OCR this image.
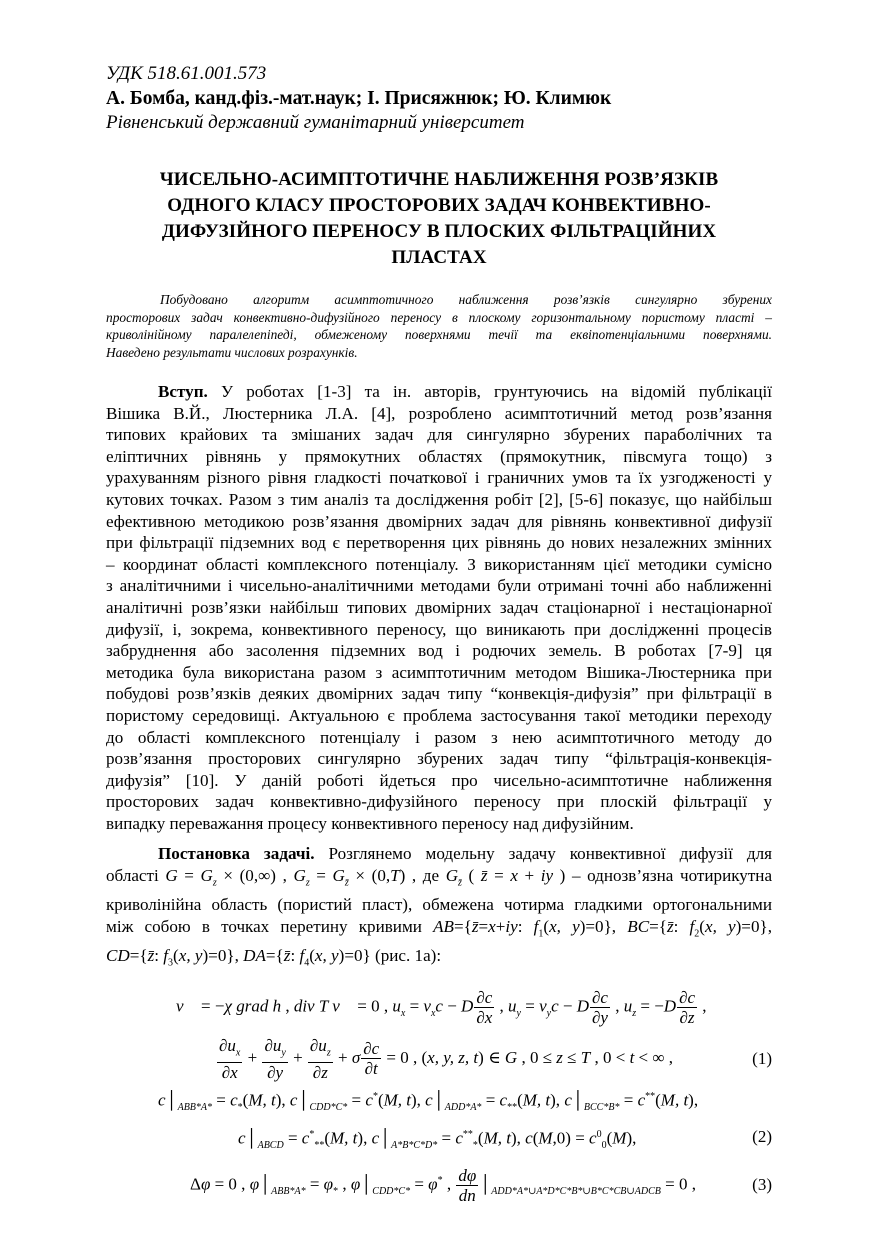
УДК 518.61.001.573

А. Бомба, канд.фіз.-мат.наук; І. Присяжнюк; Ю. Климюк

Рівненський державний гуманітарний університет

ЧИСЕЛЬНО-АСИМПТОТИЧНЕ НАБЛИЖЕННЯ РОЗВ’ЯЗКІВ
ОДНОГО КЛАСУ ПРОСТОРОВИХ ЗАДАЧ КОНВЕКТИВНО-
ДИФУЗІЙНОГО ПЕРЕНОСУ В ПЛОСКИХ ФІЛЬТРАЦІЙНИХ
ПЛАСТАХ
Побудовано алгоритм асимптотичного наближення розв’язків сингулярно збурених
просторових задач конвективно-дифузійного переносу в плоскому горизонтальному пористому пласті –
криволінійному паралелепіпеді, обмеженому поверхнями течії та еквіпотенціальними поверхнями.
Наведено результати числових розрахунків.
Вступ. У роботах [1-3] та ін. авторів, грунтуючись на відомій публікації
Вішика В.Й., Люстерника Л.А. [4], розроблено асимптотичний метод розв’язання
типових крайових та змішаних задач для сингулярно збурених параболічних та
еліптичних рівнянь у прямокутних областях (прямокутник, півсмуга тощо) з
урахуванням різного рівня гладкості початкової і граничних умов та їх узгодженості у
кутових точках. Разом з тим аналіз та дослідження робіт [2], [5-6] показує, що найбільш
ефективною методикою розв’язання двомірних задач для рівнянь конвективної дифузії
при фільтрації підземних вод є перетворення цих рівнянь до нових незалежних змінних
– координат області комплексного потенціалу. З використанням цієї методики сумісно
з аналітичними і чисельно-аналітичними методами були отримані точні або наближенні
аналітичні розв’язки найбільш типових двомірних задач стаціонарної і нестаціонарної
дифузії, і, зокрема, конвективного переносу, що виникають при дослідженні процесів
забруднення або засолення підземних вод і родючих земель. В роботах [7-9] ця
методика була використана разом з асимптотичним методом Вішика-Люстерника при
побудові розв’язків деяких двомірних задач типу “конвекція-дифузія” при фільтрації в
пористому середовищі. Актуальною є проблема застосування такої методики переходу
до області комплексного потенціалу і разом з нею асимптотичного методу до
розв’язання просторових сингулярно збурених задач типу “фільтрація-конвекція-
дифузія” [10]. У даній роботі йдеться про чисельно-асимптотичне наближення
просторових задач конвективно-дифузійного переносу при плоскій фільтрації у
випадку переважання процесу конвективного переносу над дифузійним.
Постановка задачі. Розглянемо модельну задачу конвективної дифузії для
області $G = G_z \times (0,\infty)$ , $G_z = G_{z̄} \times (0,T)$ , де $G_{z̄}$ ( z̄ = x + iy ) – однозв’язна чотирикутна
криволінійна область (пористий пласт), обмежена чотирма гладкими ортогональними
між собою в точках перетину кривими AB={z̄=x+iy: $f_1(x$, y)=0}, BC={z̄: $f_2(x$, y)=0},
CD={z̄: $f_3(x$, y)=0}, DA={z̄: $f_4(x$, y)=0} (рис. 1а):
v⃗ = −χ grad h , div T v⃗ = 0 , $u_x = v_xc - D \frac{\partial c}{\partial x}$ , $u_y = v_yc - D \frac{\partial c}{\partial y}$ , $u_z = -D \frac{\partial c}{\partial z}$ ,
$\frac{\partial u_x}{\partial x} + \frac{\partial u_y}{\partial y} + \frac{\partial u_z}{\partial z} + \sigma \frac{\partial c}{\partial t} = 0$ , (x, y, z, t) ∈ G , 0 ≤ z ≤ T , 0 < t < ∞ ,	(1)
$c│_{ABB*A*} = c_*(M$, t), $c│_{CDD*C*} = c^*(M$, t), $c│_{ADD*A*} = c_{**}(M$, t), $c│_{BCC*B*} = c^{**}(M$, t),
$c│_{ABCD} = c^*_{**}(M$, t), $c│_{A*B*C*D*} = c^{**}_*(M$, t), $c(M,0) = c^0_0(M)$,	(2)
Δφ = 0 , $\varphi│_{ABB*A*} = \varphi_*$ , $\varphi│_{CDD*C*} = \varphi^*$ , $\frac{d\varphi}{dn}$ $│_{ADD*A*\cup A*D*C*B*\cup B*C*CB\cup ADCB} = 0$ ,	(3)
